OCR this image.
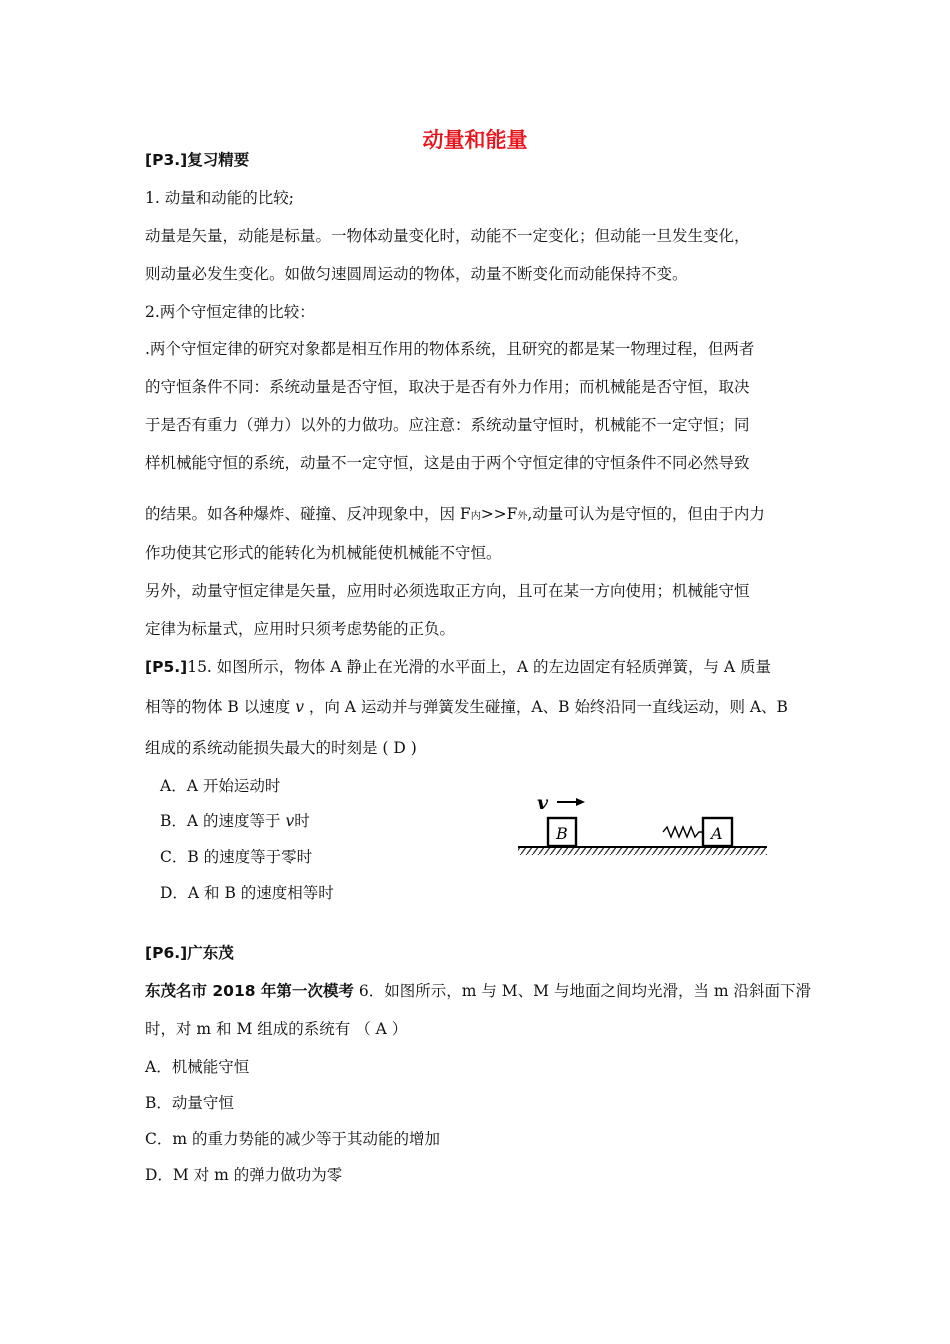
动量和能量
[P3.]复习精要
1. 动量和动能的比较;
动量是矢量，动能是标量。一物体动量变化时，动能不一定变化；但动能一旦发生变化，
则动量必发生变化。如做匀速圆周运动的物体，动量不断变化而动能保持不变。
2.两个守恒定律的比较：
.两个守恒定律的研究对象都是相互作用的物体系统，且研究的都是某一物理过程，但两者
的守恒条件不同：系统动量是否守恒，取决于是否有外力作用；而机械能是否守恒，取决
于是否有重力（弹力）以外的力做功。应注意：系统动量守恒时，机械能不一定守恒；同
样机械能守恒的系统，动量不一定守恒，这是由于两个守恒定律的守恒条件不同必然导致
的结果。如各种爆炸、碰撞、反冲现象中，因 F内>>F外,动量可认为是守恒的，但由于内力
作功使其它形式的能转化为机械能使机械能不守恒。
另外，动量守恒定律是矢量，应用时必须选取正方向，且可在某一方向使用；机械能守恒
定律为标量式，应用时只须考虑势能的正负。
[P5.]15. 如图所示，物体 A 静止在光滑的水平面上，A 的左边固定有轻质弹簧，与 A 质量
相等的物体 B 以速度 v ，向 A 运动并与弹簧发生碰撞，A、B 始终沿同一直线运动，则 A、B
组成的系统动能损失最大的时刻是 ( D )
A．A 开始运动时
B．A 的速度等于 v时
C．B 的速度等于零时
D．A 和 B 的速度相等时
v
B	A
[P6.]广东茂
东茂名市 2018 年第一次模考 6．如图所示，m 与 M、M 与地面之间均光滑，当 m 沿斜面下滑
时，对 m 和 M 组成的系统有 （ A ）
A．机械能守恒
B．动量守恒
C．m 的重力势能的减少等于其动能的增加
D．M 对 m 的弹力做功为零
